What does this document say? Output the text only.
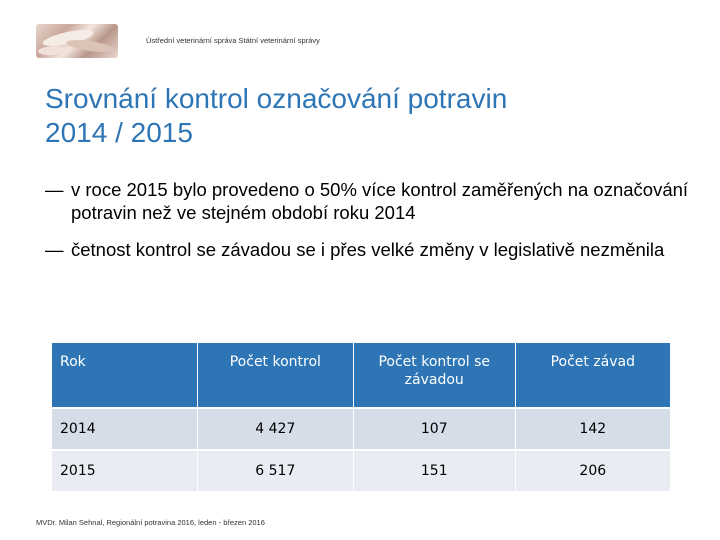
Ústřední veterinární správa Státní veterinární správy
Srovnání kontrol označování potravin
2014 / 2015
— v roce 2015 bylo provedeno o 50% více kontrol zaměřených na označování potravin než ve stejném období roku 2014
— četnost kontrol se závadou se i přes velké změny v legislativě nezměnila
Rok	Počet kontrol	Počet kontrol se závadou	Počet závad
2014	4 427	107	142
2015	6 517	151	206
MVDr. Milan Sehnal, Regionální potravina 2016, leden - březen 2016
